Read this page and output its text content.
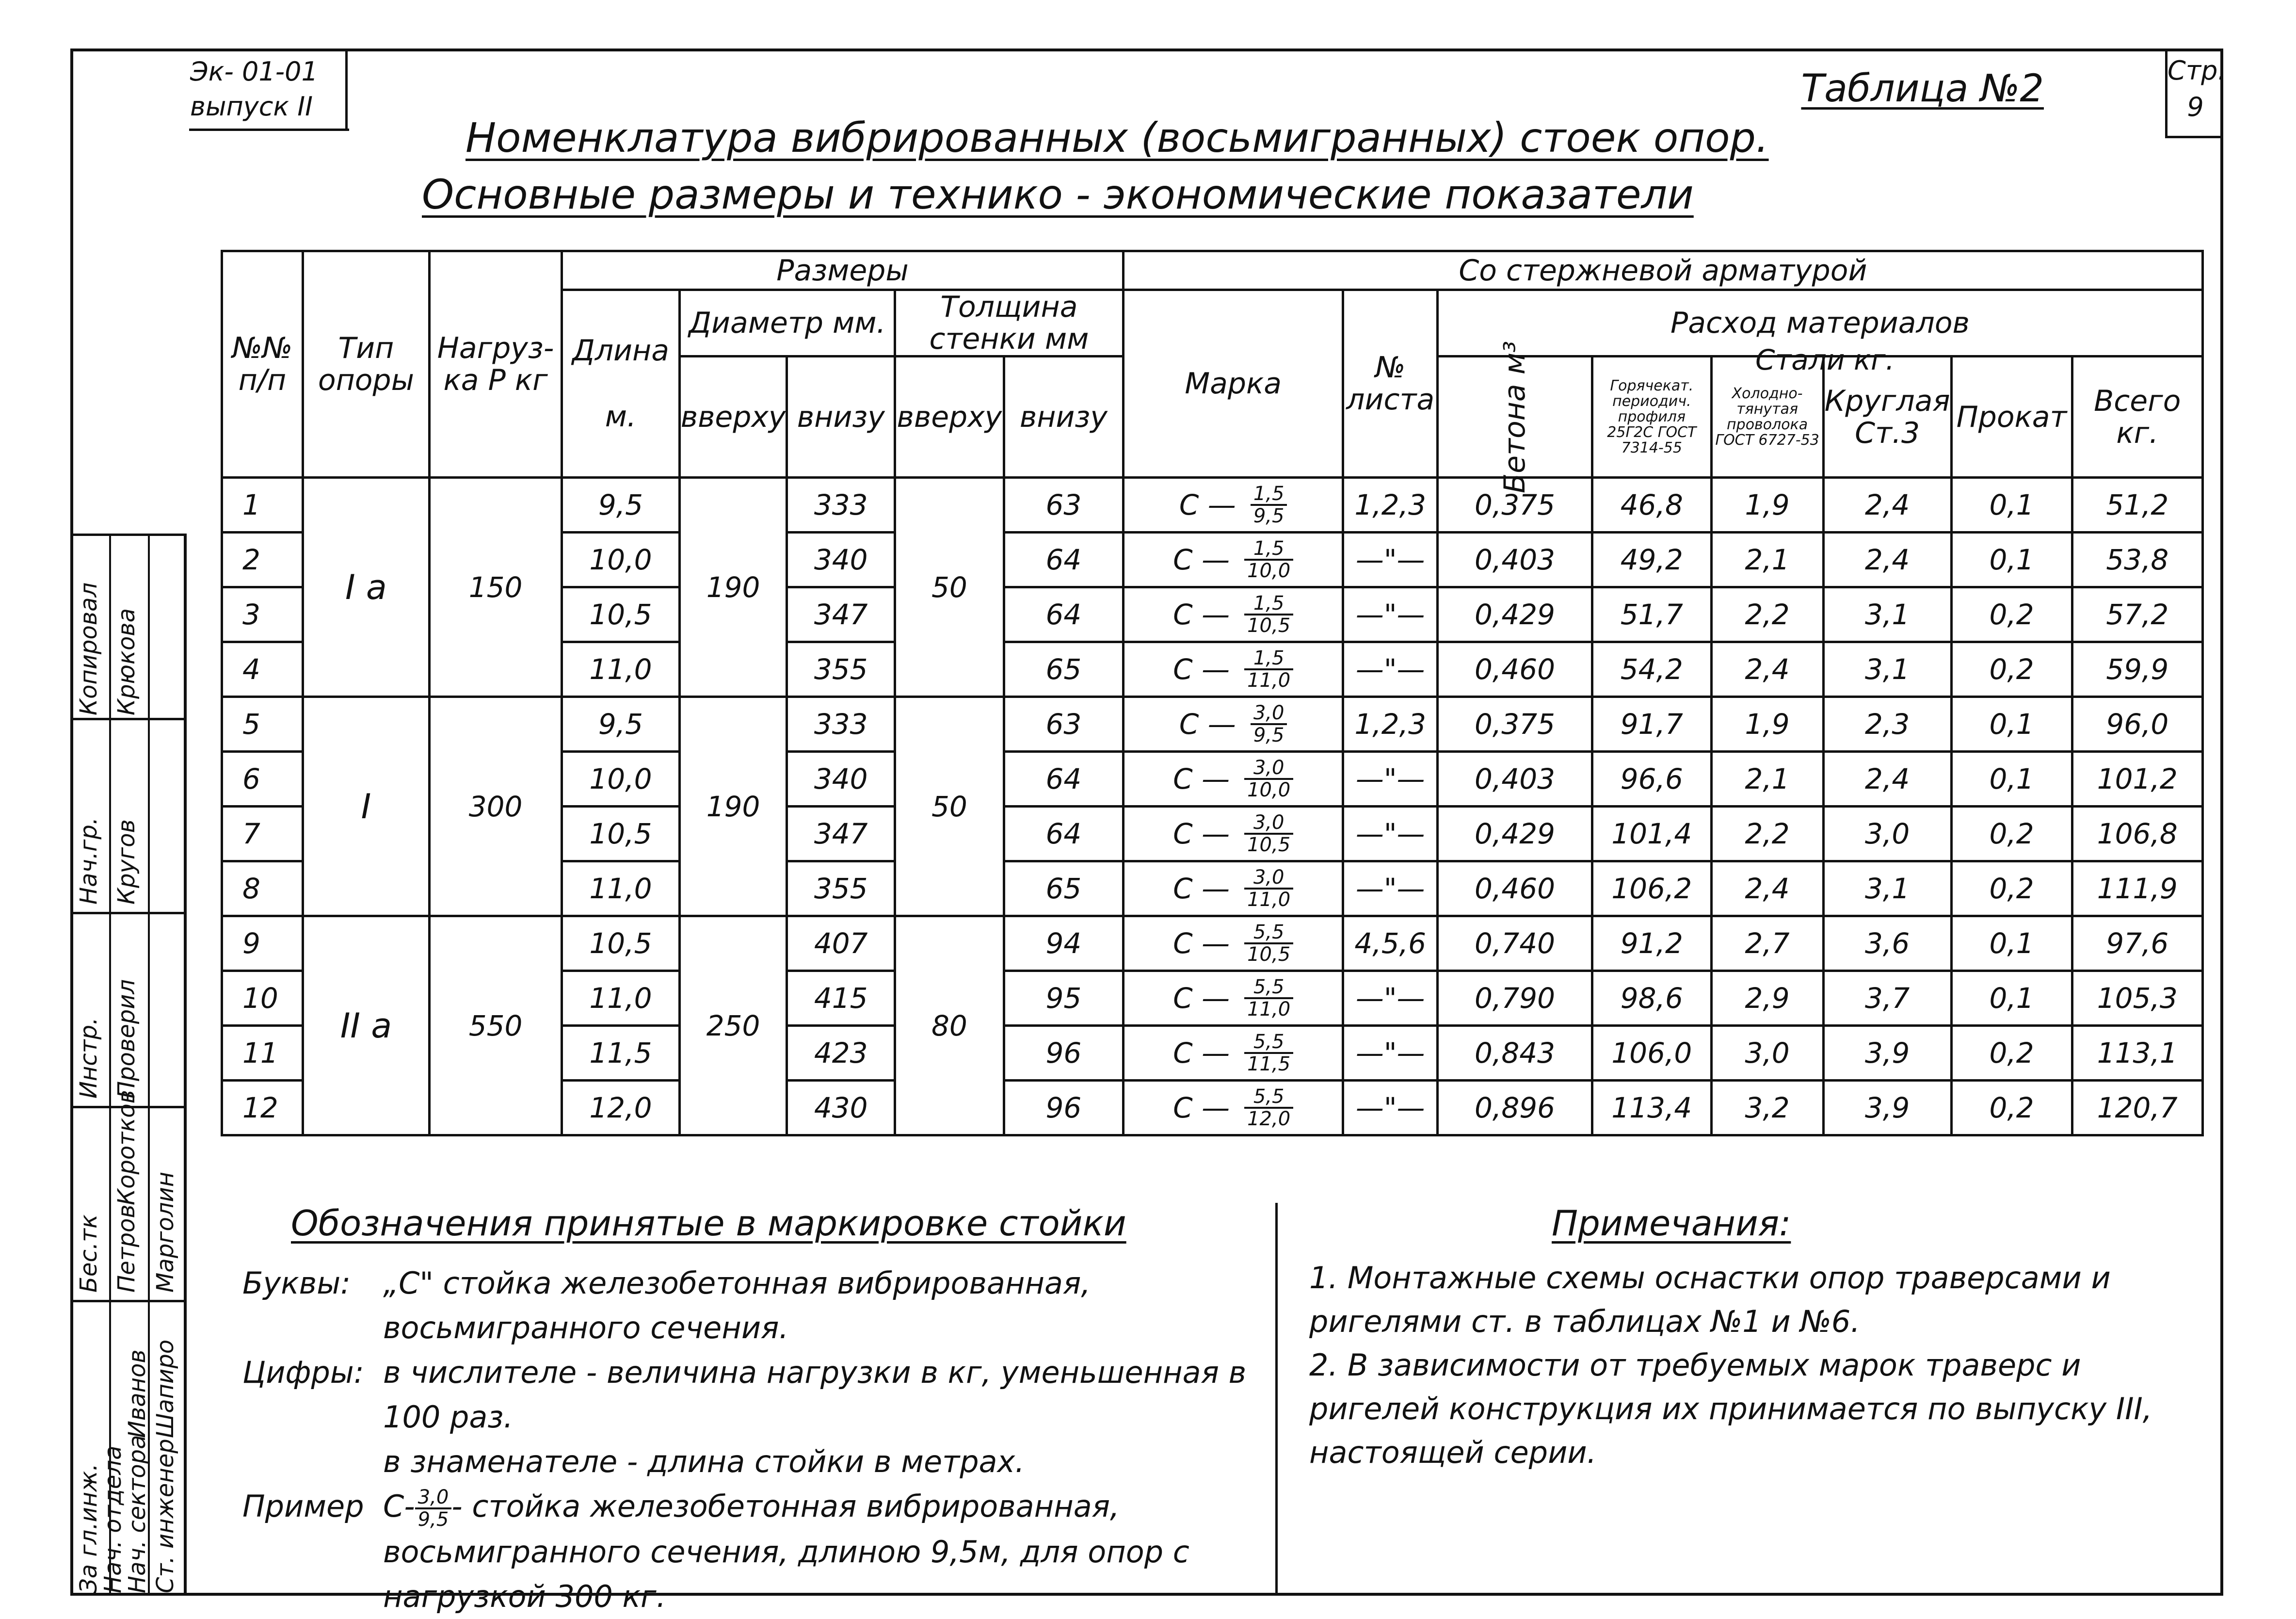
Эк- 01-01
выпуск II	Таблица №2	Стр.
9
Номенклатура вибрированных (восьмигранных) стоек опор.
Основные размеры и технико - экономические показатели
Копировал Крюкова
Нач.гр. Кругов
Инстр. Проверил
Бес.тк Петров
Коротков
Марголин
За гл.инж.
Нач. отдела
Нач. сектора Ст. инженер
Иванов Шапиро
№№ п/п	Тип опоры	Нагруз-ка P кг	Размеры					Со стержневой арматурой							

			Длина
м.	Диаметр мм.		Толщина стенки мм		Марка	№ листа	Расход материалов					
				вверху	внизу	вверху	внизу			Бетона м³	Горячекат. периодич. профиля 25Г2С ГОСТ 7314-55	Холодно-тянутая проволока ГОСТ 6727-53	Круглая Ст.3	Прокат	Всего кг.
1	I а	150	9,5	190	333	50	63	С — $\frac{1,5}{9,5}$	1,2,3	0,375	46,8	1,9	2,4	0,1	51,2
2			10,0		340		64	С — $\frac{1,5}{10,0}$	—"—	0,403	49,2	2,1	2,4	0,1	53,8
3			10,5		347		64	С — $\frac{1,5}{10,5}$	—"—	0,429	51,7	2,2	3,1	0,2	57,2
4			11,0		355		65	С — $\frac{1,5}{11,0}$	—"—	0,460	54,2	2,4	3,1	0,2	59,9
5	I	300	9,5	190	333	50	63	С — $\frac{3,0}{9,5}$	1,2,3	0,375	91,7	1,9	2,3	0,1	96,0
6			10,0		340		64	С — $\frac{3,0}{10,0}$	—"—	0,403	96,6	2,1	2,4	0,1	101,2
7			10,5		347		64	С — $\frac{3,0}{10,5}$	—"—	0,429	101,4	2,2	3,0	0,2	106,8
8			11,0		355		65	С — $\frac{3,0}{11,0}$	—"—	0,460	106,2	2,4	3,1	0,2	111,9
9	II а	550	10,5	250	407	80	94	С — $\frac{5,5}{10,5}$	4,5,6	0,740	91,2	2,7	3,6	0,1	97,6
10			11,0		415		95	С — $\frac{5,5}{11,0}$	—"—	0,790	98,6	2,9	3,7	0,1	105,3
11			11,5		423		96	С — $\frac{5,5}{11,5}$	—"—	0,843	106,0	3,0	3,9	0,2	113,1
12			12,0		430		96	С — $\frac{5,5}{12,0}$	—"—	0,896	113,4	3,2	3,9	0,2	120,7
Стали кг.
Обозначения принятые в маркировке стойки	Примечания:
Буквы:	„С" стойка железобетонная вибрированная, восьмигранного сечения.
Цифры: в числителе - величина нагрузки в кг, уменьшенная в 100 раз.
в знаменателе - длина стойки в метрах.
Пример $С- \frac{3,0}{9,5}$ - стойка железобетонная вибрированная, восьмигранного сечения, длиною 9,5м, для опор с нагрузкой 300 кг.
1. Монтажные схемы оснастки опор траверсами и ригелями ст. в таблицах №1 и №6.
2. В зависимости от требуемых марок траверс и ригелей конструкция их принимается по выпуску III, настоящей серии.
